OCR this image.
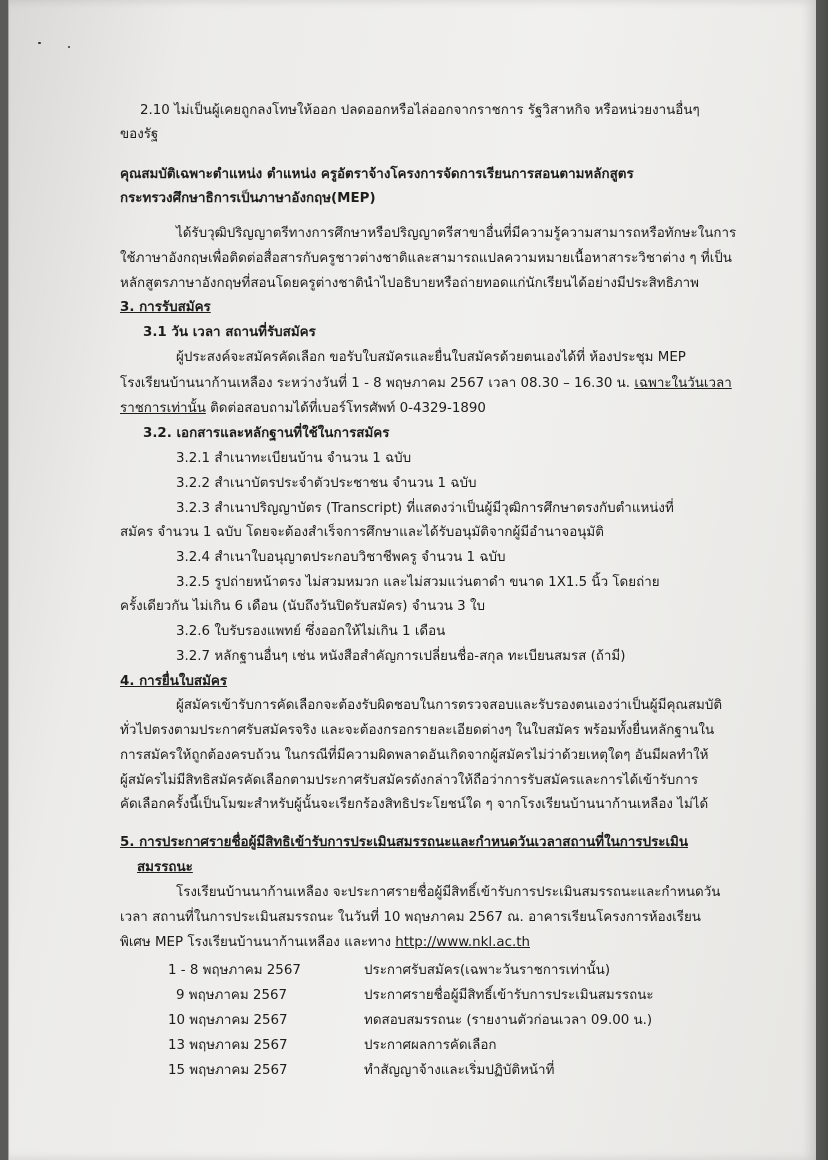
2.10 ไม่เป็นผู้เคยถูกลงโทษให้ออก ปลดออกหรือไล่ออกจากราชการ รัฐวิสาหกิจ หรือหน่วยงานอื่นๆ

ของรัฐ

คุณสมบัติเฉพาะตำแหน่ง ตำแหน่ง ครูอัตราจ้างโครงการจัดการเรียนการสอนตามหลักสูตร

กระทรวงศึกษาธิการเป็นภาษาอังกฤษ(MEP)

ได้รับวุฒิปริญญาตรีทางการศึกษาหรือปริญญาตรีสาขาอื่นที่มีความรู้ความสามารถหรือทักษะในการ

ใช้ภาษาอังกฤษเพื่อติดต่อสื่อสารกับครูชาวต่างชาติและสามารถแปลความหมายเนื้อหาสาระวิชาต่าง ๆ ที่เป็น

หลักสูตรภาษาอังกฤษที่สอนโดยครูต่างชาตินำไปอธิบายหรือถ่ายทอดแก่นักเรียนได้อย่างมีประสิทธิภาพ

3. การรับสมัคร

3.1 วัน เวลา สถานที่รับสมัคร

ผู้ประสงค์จะสมัครคัดเลือก ขอรับใบสมัครและยื่นใบสมัครด้วยตนเองได้ที่ ห้องประชุม MEP

โรงเรียนบ้านนาก้านเหลือง ระหว่างวันที่ 1 - 8 พฤษภาคม 2567 เวลา 08.30 – 16.30 น. เฉพาะในวันเวลา

ราชการเท่านั้น ติดต่อสอบถามได้ที่เบอร์โทรศัพท์ 0-4329-1890

3.2. เอกสารและหลักฐานที่ใช้ในการสมัคร

3.2.1 สำเนาทะเบียนบ้าน จำนวน 1 ฉบับ

3.2.2 สำเนาบัตรประจำตัวประชาชน จำนวน 1 ฉบับ

3.2.3 สำเนาปริญญาบัตร (Transcript) ที่แสดงว่าเป็นผู้มีวุฒิการศึกษาตรงกับตำแหน่งที่

สมัคร จำนวน 1 ฉบับ โดยจะต้องสำเร็จการศึกษาและได้รับอนุมัติจากผู้มีอำนาจอนุมัติ

3.2.4 สำเนาใบอนุญาตประกอบวิชาชีพครู จำนวน 1 ฉบับ

3.2.5 รูปถ่ายหน้าตรง ไม่สวมหมวก และไม่สวมแว่นตาดำ ขนาด 1X1.5 นิ้ว โดยถ่าย

ครั้งเดียวกัน ไม่เกิน 6 เดือน (นับถึงวันปิดรับสมัคร) จำนวน 3 ใบ

3.2.6 ใบรับรองแพทย์ ซึ่งออกให้ไม่เกิน 1 เดือน

3.2.7 หลักฐานอื่นๆ เช่น หนังสือสำคัญการเปลี่ยนชื่อ-สกุล ทะเบียนสมรส (ถ้ามี)

4. การยื่นใบสมัคร

ผู้สมัครเข้ารับการคัดเลือกจะต้องรับผิดชอบในการตรวจสอบและรับรองตนเองว่าเป็นผู้มีคุณสมบัติ

ทั่วไปตรงตามประกาศรับสมัครจริง และจะต้องกรอกรายละเอียดต่างๆ ในใบสมัคร พร้อมทั้งยื่นหลักฐานใน

การสมัครให้ถูกต้องครบถ้วน ในกรณีที่มีความผิดพลาดอันเกิดจากผู้สมัครไม่ว่าด้วยเหตุใดๆ อันมีผลทำให้

ผู้สมัครไม่มีสิทธิสมัครคัดเลือกตามประกาศรับสมัครดังกล่าวให้ถือว่าการรับสมัครและการได้เข้ารับการ

คัดเลือกครั้งนี้เป็นโมฆะสำหรับผู้นั้นจะเรียกร้องสิทธิประโยชน์ใด ๆ จากโรงเรียนบ้านนาก้านเหลือง ไม่ได้

5. การประกาศรายชื่อผู้มีสิทธิเข้ารับการประเมินสมรรถนะและกำหนดวันเวลาสถานที่ในการประเมิน

สมรรถนะ

โรงเรียนบ้านนาก้านเหลือง จะประกาศรายชื่อผู้มีสิทธิ์เข้ารับการประเมินสมรรถนะและกำหนดวัน

เวลา สถานที่ในการประเมินสมรรถนะ ในวันที่ 10 พฤษภาคม 2567 ณ. อาคารเรียนโครงการห้องเรียน

พิเศษ MEP โรงเรียนบ้านนาก้านเหลือง และทาง http://www.nkl.ac.th

1 - 8 พฤษภาคม 2567	ประกาศรับสมัคร(เฉพาะวันราชการเท่านั้น)

9 พฤษภาคม 2567	ประกาศรายชื่อผู้มีสิทธิ์เข้ารับการประเมินสมรรถนะ

10 พฤษภาคม 2567	ทดสอบสมรรถนะ (รายงานตัวก่อนเวลา 09.00 น.)

13 พฤษภาคม 2567	ประกาศผลการคัดเลือก

15 พฤษภาคม 2567	ทำสัญญาจ้างและเริ่มปฏิบัติหน้าที่
